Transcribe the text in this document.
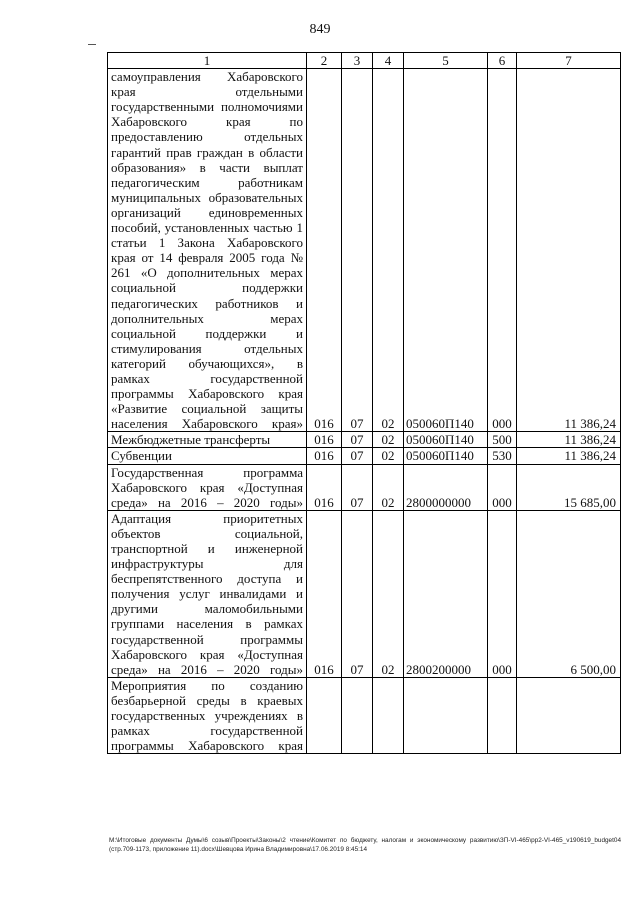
849
1	2	3	4	5	6	7
самоуправления Хабаровского края отдельными государственными полномочиями Хабаровского края по предоставлению отдельных гарантий прав граждан в области образования» в части выплат педагогическим работникам муниципальных образовательных организаций единовременных пособий, установленных частью 1 статьи 1 Закона Хабаровского края от 14 февраля 2005 года № 261 «О дополнительных мерах социальной поддержки педагогических работников и дополнительных мерах социальной поддержки и стимулирования отдельных категорий обучающихся», в рамках государственной программы Хабаровского края «Развитие социальной защиты населения Хабаровского края»	016	07	02	050060П140	000	11 386,24
Межбюджетные трансферты	016	07	02	050060П140	500	11 386,24
Субвенции	016	07	02	050060П140	530	11 386,24
Государственная программа Хабаровского края «Доступная среда» на 2016 – 2020 годы»	016	07	02	2800000000	000	15 685,00
Адаптация приоритетных объектов социальной, транспортной и инженерной инфраструктуры для беспрепятственного доступа и получения услуг инвалидами и другими маломобильными группами населения в рамках государственной программы Хабаровского края «Доступная среда» на 2016 – 2020 годы»	016	07	02	2800200000	000	6 500,00
Мероприятия по созданию безбарьерной среды в краевых государственных учреждениях в рамках государственной программы Хабаровского края						
M:\Итоговые документы Думы\6 созыв\Проекты\Законы\2 чтение\Комитет по бюджету, налогам и экономическому развитию\ЗП-VI-465\рр2-VI-465_v190619_budget04 (стр.709-1173, приложение 11).docx\Шевцова Ирина Владимировна\17.06.2019 8:45:14
